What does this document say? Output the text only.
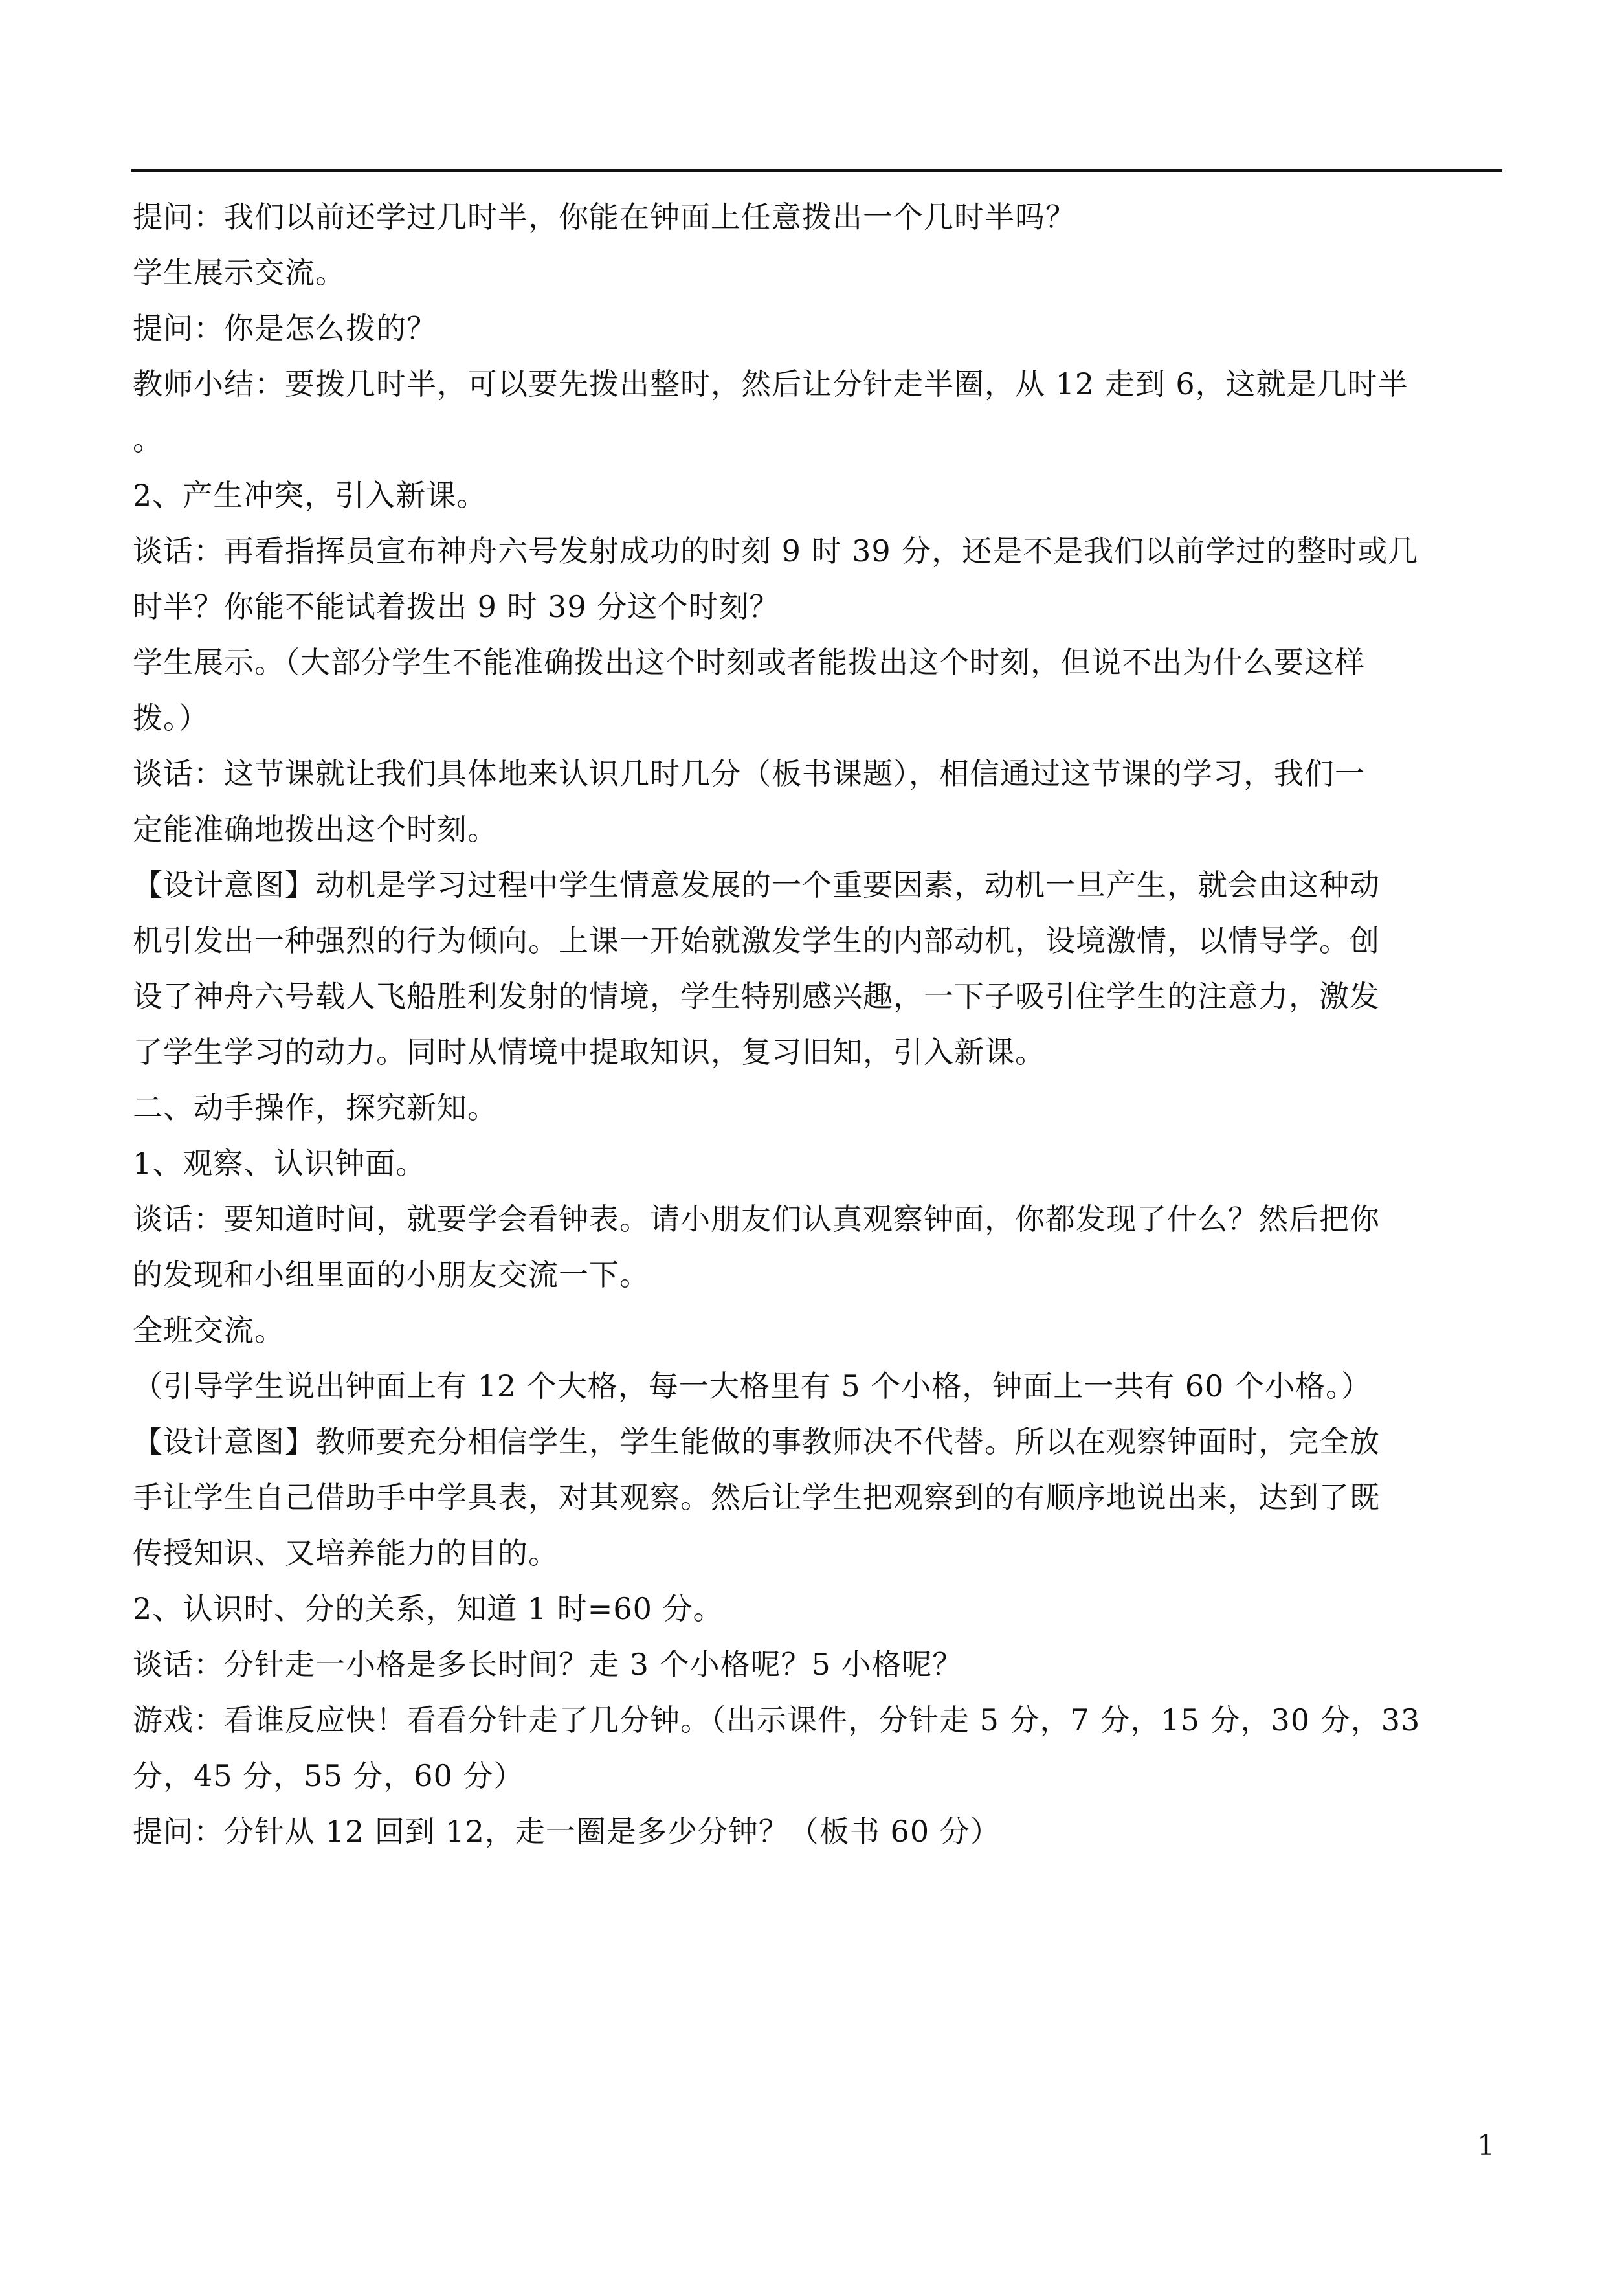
提问：我们以前还学过几时半，你能在钟面上任意拨出一个几时半吗？
学生展示交流。
提问：你是怎么拨的？
教师小结：要拨几时半，可以要先拨出整时，然后让分针走半圈，从 12 走到 6，这就是几时半
。
2、产生冲突，引入新课。
谈话：再看指挥员宣布神舟六号发射成功的时刻 9 时 39 分，还是不是我们以前学过的整时或几
时半？你能不能试着拨出 9 时 39 分这个时刻？
学生展示。（大部分学生不能准确拨出这个时刻或者能拨出这个时刻，但说不出为什么要这样
拨。）
谈话：这节课就让我们具体地来认识几时几分（板书课题），相信通过这节课的学习，我们一
定能准确地拨出这个时刻。
【设计意图】动机是学习过程中学生情意发展的一个重要因素，动机一旦产生，就会由这种动
机引发出一种强烈的行为倾向。上课一开始就激发学生的内部动机，设境激情，以情导学。创
设了神舟六号载人飞船胜利发射的情境，学生特别感兴趣，一下子吸引住学生的注意力，激发
了学生学习的动力。同时从情境中提取知识，复习旧知，引入新课。
二、动手操作，探究新知。
1、观察、认识钟面。
谈话：要知道时间，就要学会看钟表。请小朋友们认真观察钟面，你都发现了什么？然后把你
的发现和小组里面的小朋友交流一下。
全班交流。
（引导学生说出钟面上有 12 个大格，每一大格里有 5 个小格，钟面上一共有 60 个小格。）
【设计意图】教师要充分相信学生，学生能做的事教师决不代替。所以在观察钟面时，完全放
手让学生自己借助手中学具表，对其观察。然后让学生把观察到的有顺序地说出来，达到了既
传授知识、又培养能力的目的。
2、认识时、分的关系，知道 1 时=60 分。
谈话：分针走一小格是多长时间？走 3 个小格呢？5 小格呢？
游戏：看谁反应快！看看分针走了几分钟。（出示课件，分针走 5 分，7 分，15 分，30 分，33
分，45 分，55 分，60 分）
提问：分针从 12 回到 12，走一圈是多少分钟？（板书 60 分）
1
